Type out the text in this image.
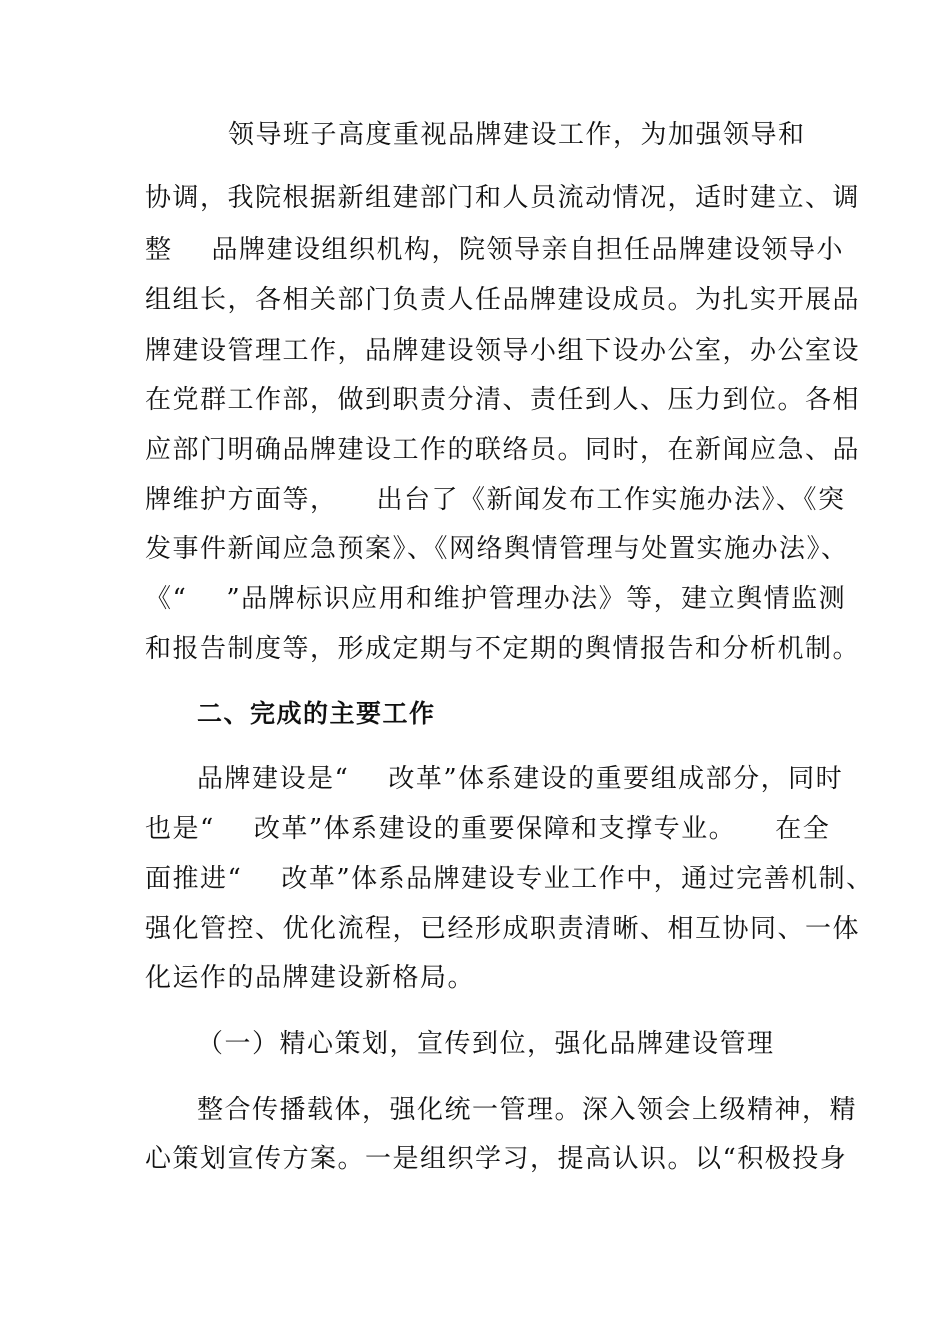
领导班子高度重视品牌建设工作，为加强领导和
协调，我院根据新组建部门和人员流动情况，适时建立、调
整    品牌建设组织机构，院领导亲自担任品牌建设领导小
组组长，各相关部门负责人任品牌建设成员。为扎实开展品
牌建设管理工作，品牌建设领导小组下设办公室，办公室设
在党群工作部，做到职责分清、责任到人、压力到位。各相
应部门明确品牌建设工作的联络员。同时，在新闻应急、品
牌维护方面等，    出台了《新闻发布工作实施办法》、《突
发事件新闻应急预案》、《网络舆情管理与处置实施办法》、
《“    ”品牌标识应用和维护管理办法》等，建立舆情监测
和报告制度等，形成定期与不定期的舆情报告和分析机制。
二、完成的主要工作
品牌建设是“    改革”体系建设的重要组成部分，同时
也是“    改革”体系建设的重要保障和支撑专业。    在全
面推进“    改革”体系品牌建设专业工作中，通过完善机制、
强化管控、优化流程，已经形成职责清晰、相互协同、一体
化运作的品牌建设新格局。
（一）精心策划，宣传到位，强化品牌建设管理
整合传播载体，强化统一管理。深入领会上级精神，精
心策划宣传方案。一是组织学习，提高认识。以“积极投身
